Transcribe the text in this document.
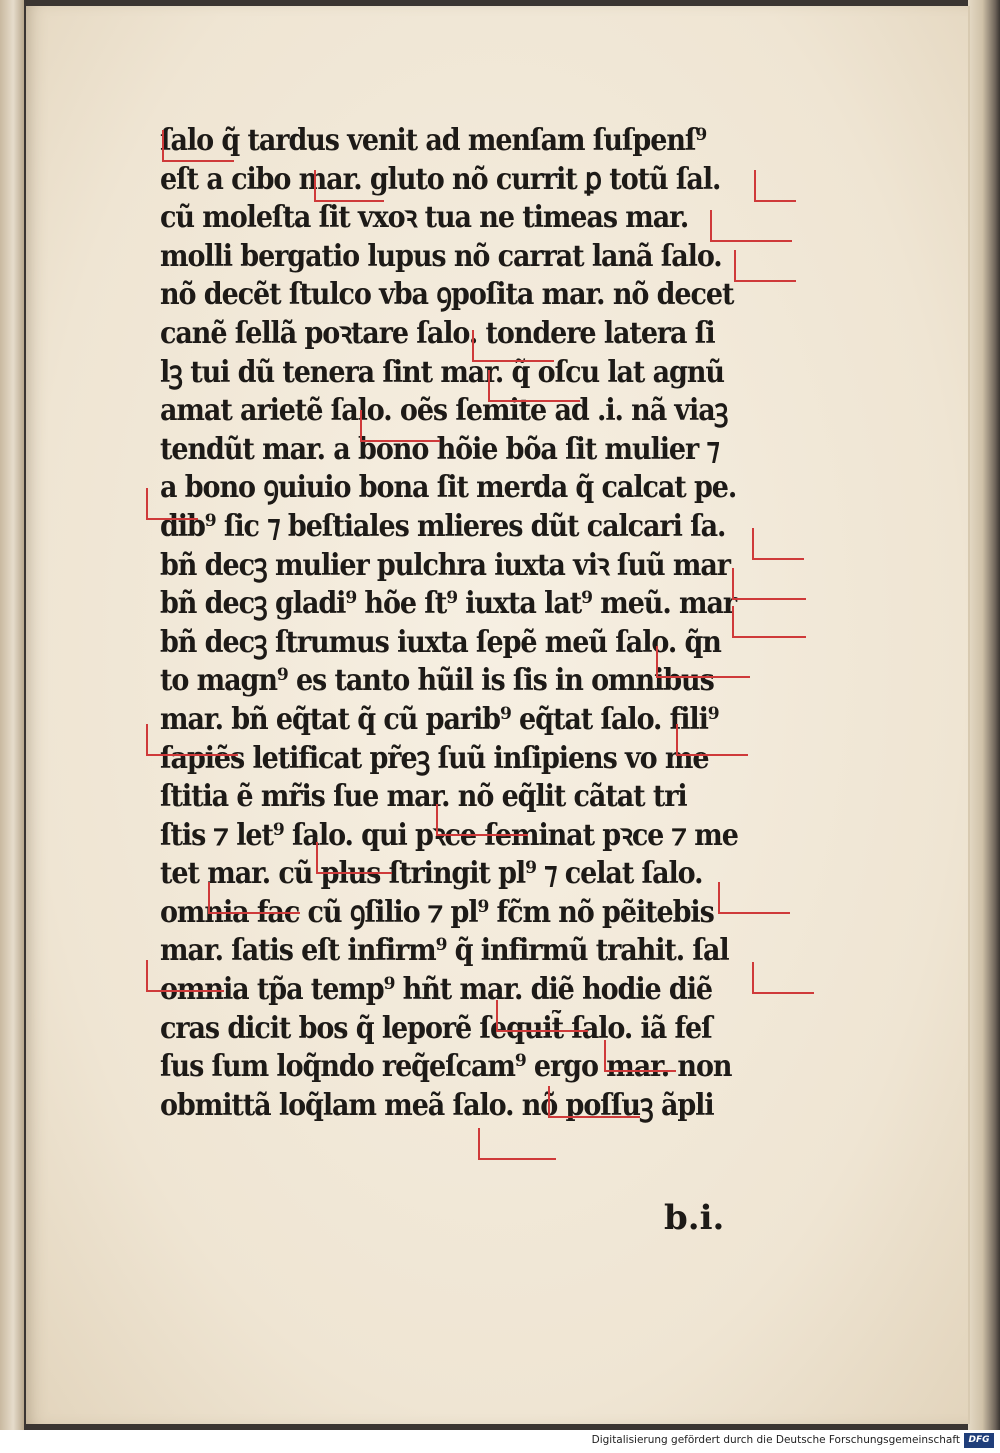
ſalo q̃ tardus venit ad menſam ſuſpenſ⁹
eſt a cibo mar. gluto nõ currit ꝑ totũ ſal.
cũ moleſta ſit vxoꝛ tua ne timeas mar.
molli bergatio lupus nõ carrat lanã ſalo.
nõ decẽt ſtulco vba ꝯpoſita mar. nõ decet
canẽ ſellã poꝛtare ſalo. tondere latera ſi
lꝫ tui dũ tenera ſint mar. q̃ oſcu lat agnũ
amat arietẽ ſalo. oẽs ſemite ad .i. nã viaꝫ
tendũt mar. a bono hõie bõa ſit mulier ⁊
a bono ꝯuiuio bona ſit merda q̃ calcat pe.
dib⁹ ſic ⁊ beſtiales mlieres dũt calcari ſa.
bñ decꝫ mulier pulchra iuxta viꝛ ſuũ mar
bñ decꝫ gladi⁹ hõe ſt⁹ iuxta lat⁹ meũ. mar
bñ decꝫ ſtrumus iuxta ſepẽ meũ ſalo. q̃n
to magn⁹ es tanto hũil is ſis in omnibus
mar. bñ eq̃tat q̃ cũ parib⁹ eq̃tat ſalo. fili⁹
ſapiẽs letificat pr̃eꝫ ſuũ inſipiens vo me
ſtitia ẽ mr̃is ſue mar. nõ eq̃lit cãtat tri
ſtis ⁊ let⁹ ſalo. qui pꝛce ſeminat pꝛce ⁊ me
tet mar. cũ plus ſtringit pl⁹ ⁊ celat ſalo.
omnia fac cũ ꝯſilio ⁊ pl⁹ fc̃m nõ pẽitebis
mar. ſatis eſt infirm⁹ q̃ infirmũ trahit. ſal
omnia tp̃a temp⁹ hñt mar. diẽ hodie diẽ
cras dicit bos q̃ leporẽ ſequit̃ ſalo. iã feſ
ſus ſum loq̃ndo req̃eſcam⁹ ergo mar. non
obmittã loq̃lam meã ſalo. nõ poſſuꝫ ãpli
b.i.
Digitalisierung gefördert durch die Deutsche Forschungsgemeinschaft DFG
